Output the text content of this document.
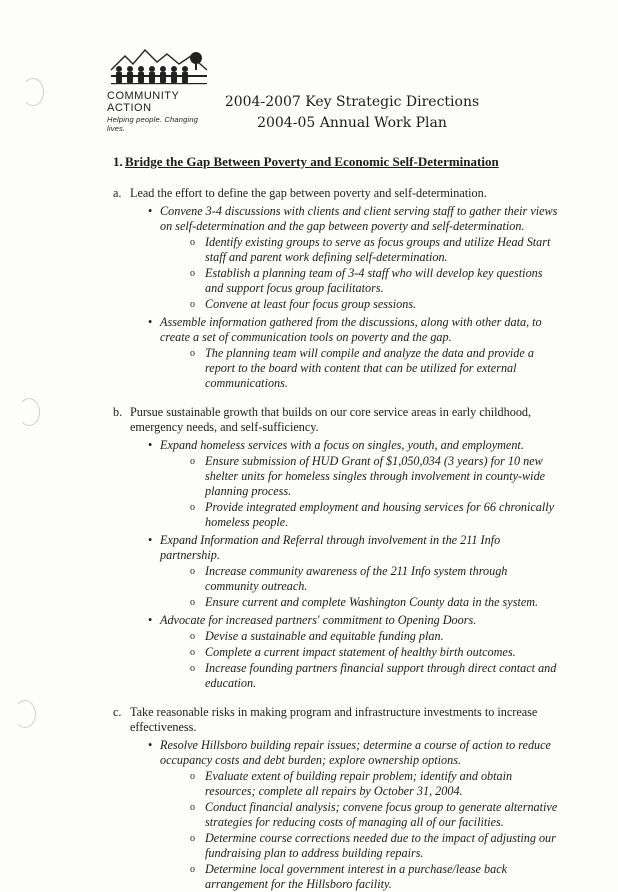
COMMUNITY ACTION
Helping people. Changing lives.
2004-2007 Key Strategic Directions
2004-05 Annual Work Plan
1. Bridge the Gap Between Poverty and Economic Self-Determination
a. Lead the effort to define the gap between poverty and self-determination.
• Convene 3-4 discussions with clients and client serving staff to gather their views on self-determination and the gap between poverty and self-determination.
o Identify existing groups to serve as focus groups and utilize Head Start staff and parent work defining self-determination.
o Establish a planning team of 3-4 staff who will develop key questions and support focus group facilitators.
o Convene at least four focus group sessions.
• Assemble information gathered from the discussions, along with other data, to create a set of communication tools on poverty and the gap.
o The planning team will compile and analyze the data and provide a report to the board with content that can be utilized for external communications.
b. Pursue sustainable growth that builds on our core service areas in early childhood, emergency needs, and self-sufficiency.
• Expand homeless services with a focus on singles, youth, and employment.
o Ensure submission of HUD Grant of $1,050,034 (3 years) for 10 new shelter units for homeless singles through involvement in county-wide planning process.
o Provide integrated employment and housing services for 66 chronically homeless people.
• Expand Information and Referral through involvement in the 211 Info partnership.
o Increase community awareness of the 211 Info system through community outreach.
o Ensure current and complete Washington County data in the system.
• Advocate for increased partners' commitment to Opening Doors.
o Devise a sustainable and equitable funding plan.
o Complete a current impact statement of healthy birth outcomes.
o Increase founding partners financial support through direct contact and education.
c. Take reasonable risks in making program and infrastructure investments to increase effectiveness.
• Resolve Hillsboro building repair issues; determine a course of action to reduce occupancy costs and debt burden; explore ownership options.
o Evaluate extent of building repair problem; identify and obtain resources; complete all repairs by October 31, 2004.
o Conduct financial analysis; convene focus group to generate alternative strategies for reducing costs of managing all of our facilities.
o Determine course corrections needed due to the impact of adjusting our fundraising plan to address building repairs.
o Determine local government interest in a purchase/lease back arrangement for the Hillsboro facility.
